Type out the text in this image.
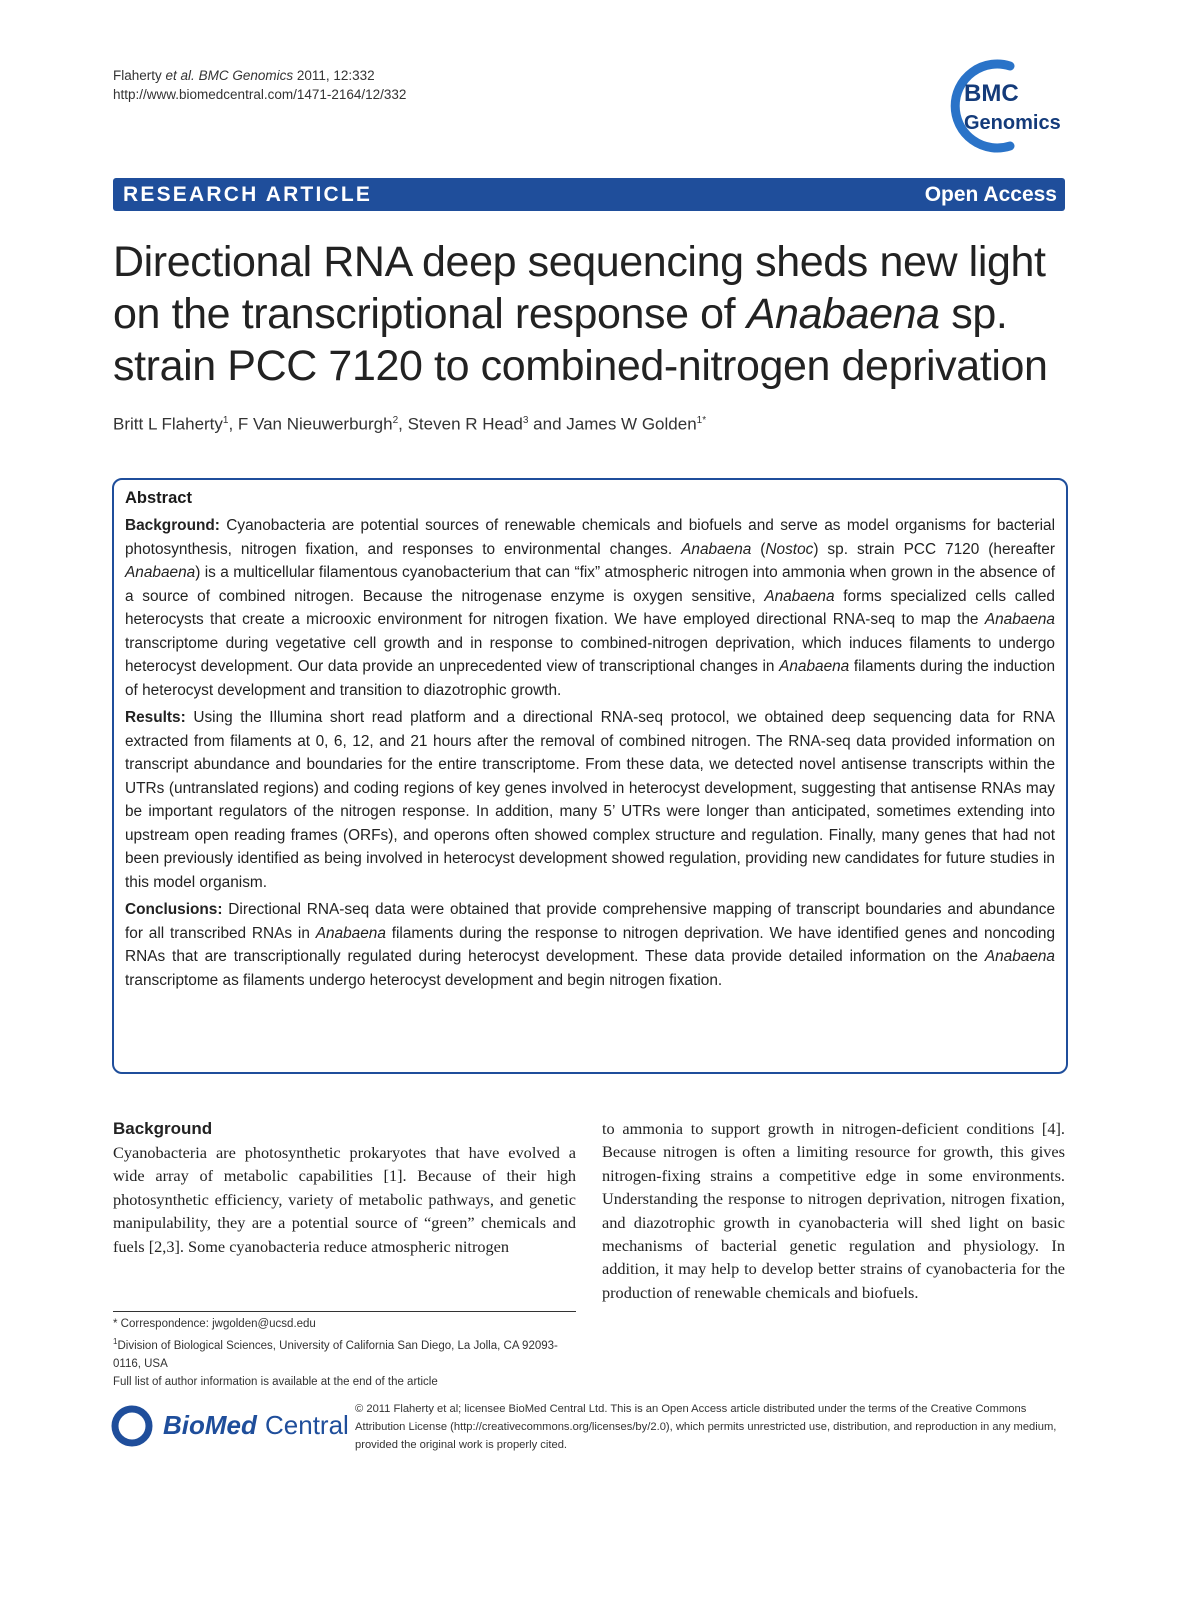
Flaherty et al. BMC Genomics 2011, 12:332
http://www.biomedcentral.com/1471-2164/12/332	BMC
Genomics
RESEARCH ARTICLE	Open Access
Directional RNA deep sequencing sheds new light on the transcriptional response of Anabaena sp. strain PCC 7120 to combined-nitrogen deprivation
Britt L Flaherty$^1$, F Van Nieuwerburgh$^2$, Steven R Head$^3$ and James W Golden$^{1*}$
Abstract

Background: Cyanobacteria are potential sources of renewable chemicals and biofuels and serve as model organisms for bacterial photosynthesis, nitrogen fixation, and responses to environmental changes. Anabaena (Nostoc) sp. strain PCC 7120 (hereafter Anabaena) is a multicellular filamentous cyanobacterium that can “fix” atmospheric nitrogen into ammonia when grown in the absence of a source of combined nitrogen. Because the nitrogenase enzyme is oxygen sensitive, Anabaena forms specialized cells called heterocysts that create a microoxic environment for nitrogen fixation. We have employed directional RNA-seq to map the Anabaena transcriptome during vegetative cell growth and in response to combined-nitrogen deprivation, which induces filaments to undergo heterocyst development. Our data provide an unprecedented view of transcriptional changes in Anabaena filaments during the induction of heterocyst development and transition to diazotrophic growth.

Results: Using the Illumina short read platform and a directional RNA-seq protocol, we obtained deep sequencing data for RNA extracted from filaments at 0, 6, 12, and 21 hours after the removal of combined nitrogen. The RNA-seq data provided information on transcript abundance and boundaries for the entire transcriptome. From these data, we detected novel antisense transcripts within the UTRs (untranslated regions) and coding regions of key genes involved in heterocyst development, suggesting that antisense RNAs may be important regulators of the nitrogen response. In addition, many 5’ UTRs were longer than anticipated, sometimes extending into upstream open reading frames (ORFs), and operons often showed complex structure and regulation. Finally, many genes that had not been previously identified as being involved in heterocyst development showed regulation, providing new candidates for future studies in this model organism.

Conclusions: Directional RNA-seq data were obtained that provide comprehensive mapping of transcript boundaries and abundance for all transcribed RNAs in Anabaena filaments during the response to nitrogen deprivation. We have identified genes and noncoding RNAs that are transcriptionally regulated during heterocyst development. These data provide detailed information on the Anabaena transcriptome as filaments undergo heterocyst development and begin nitrogen fixation.

Background

Cyanobacteria are photosynthetic prokaryotes that have evolved a wide array of metabolic capabilities [1]. Because of their high photosynthetic efficiency, variety of metabolic pathways, and genetic manipulability, they are a potential source of “green” chemicals and fuels [2,3]. Some cyanobacteria reduce atmospheric nitrogen

to ammonia to support growth in nitrogen-deficient conditions [4]. Because nitrogen is often a limiting resource for growth, this gives nitrogen-fixing strains a competitive edge in some environments. Understanding the response to nitrogen deprivation, nitrogen fixation, and diazotrophic growth in cyanobacteria will shed light on basic mechanisms of bacterial genetic regulation and physiology. In addition, it may help to develop better strains of cyanobacteria for the production of renewable chemicals and biofuels.

* Correspondence: jwgolden@ucsd.edu
$^1$Division of Biological Sciences, University of California San Diego, La Jolla, CA 92093-0116, USA
Full list of author information is available at the end of the article
BioMed Central
© 2011 Flaherty et al; licensee BioMed Central Ltd. This is an Open Access article distributed under the terms of the Creative Commons Attribution License (http://creativecommons.org/licenses/by/2.0), which permits unrestricted use, distribution, and reproduction in any medium, provided the original work is properly cited.
